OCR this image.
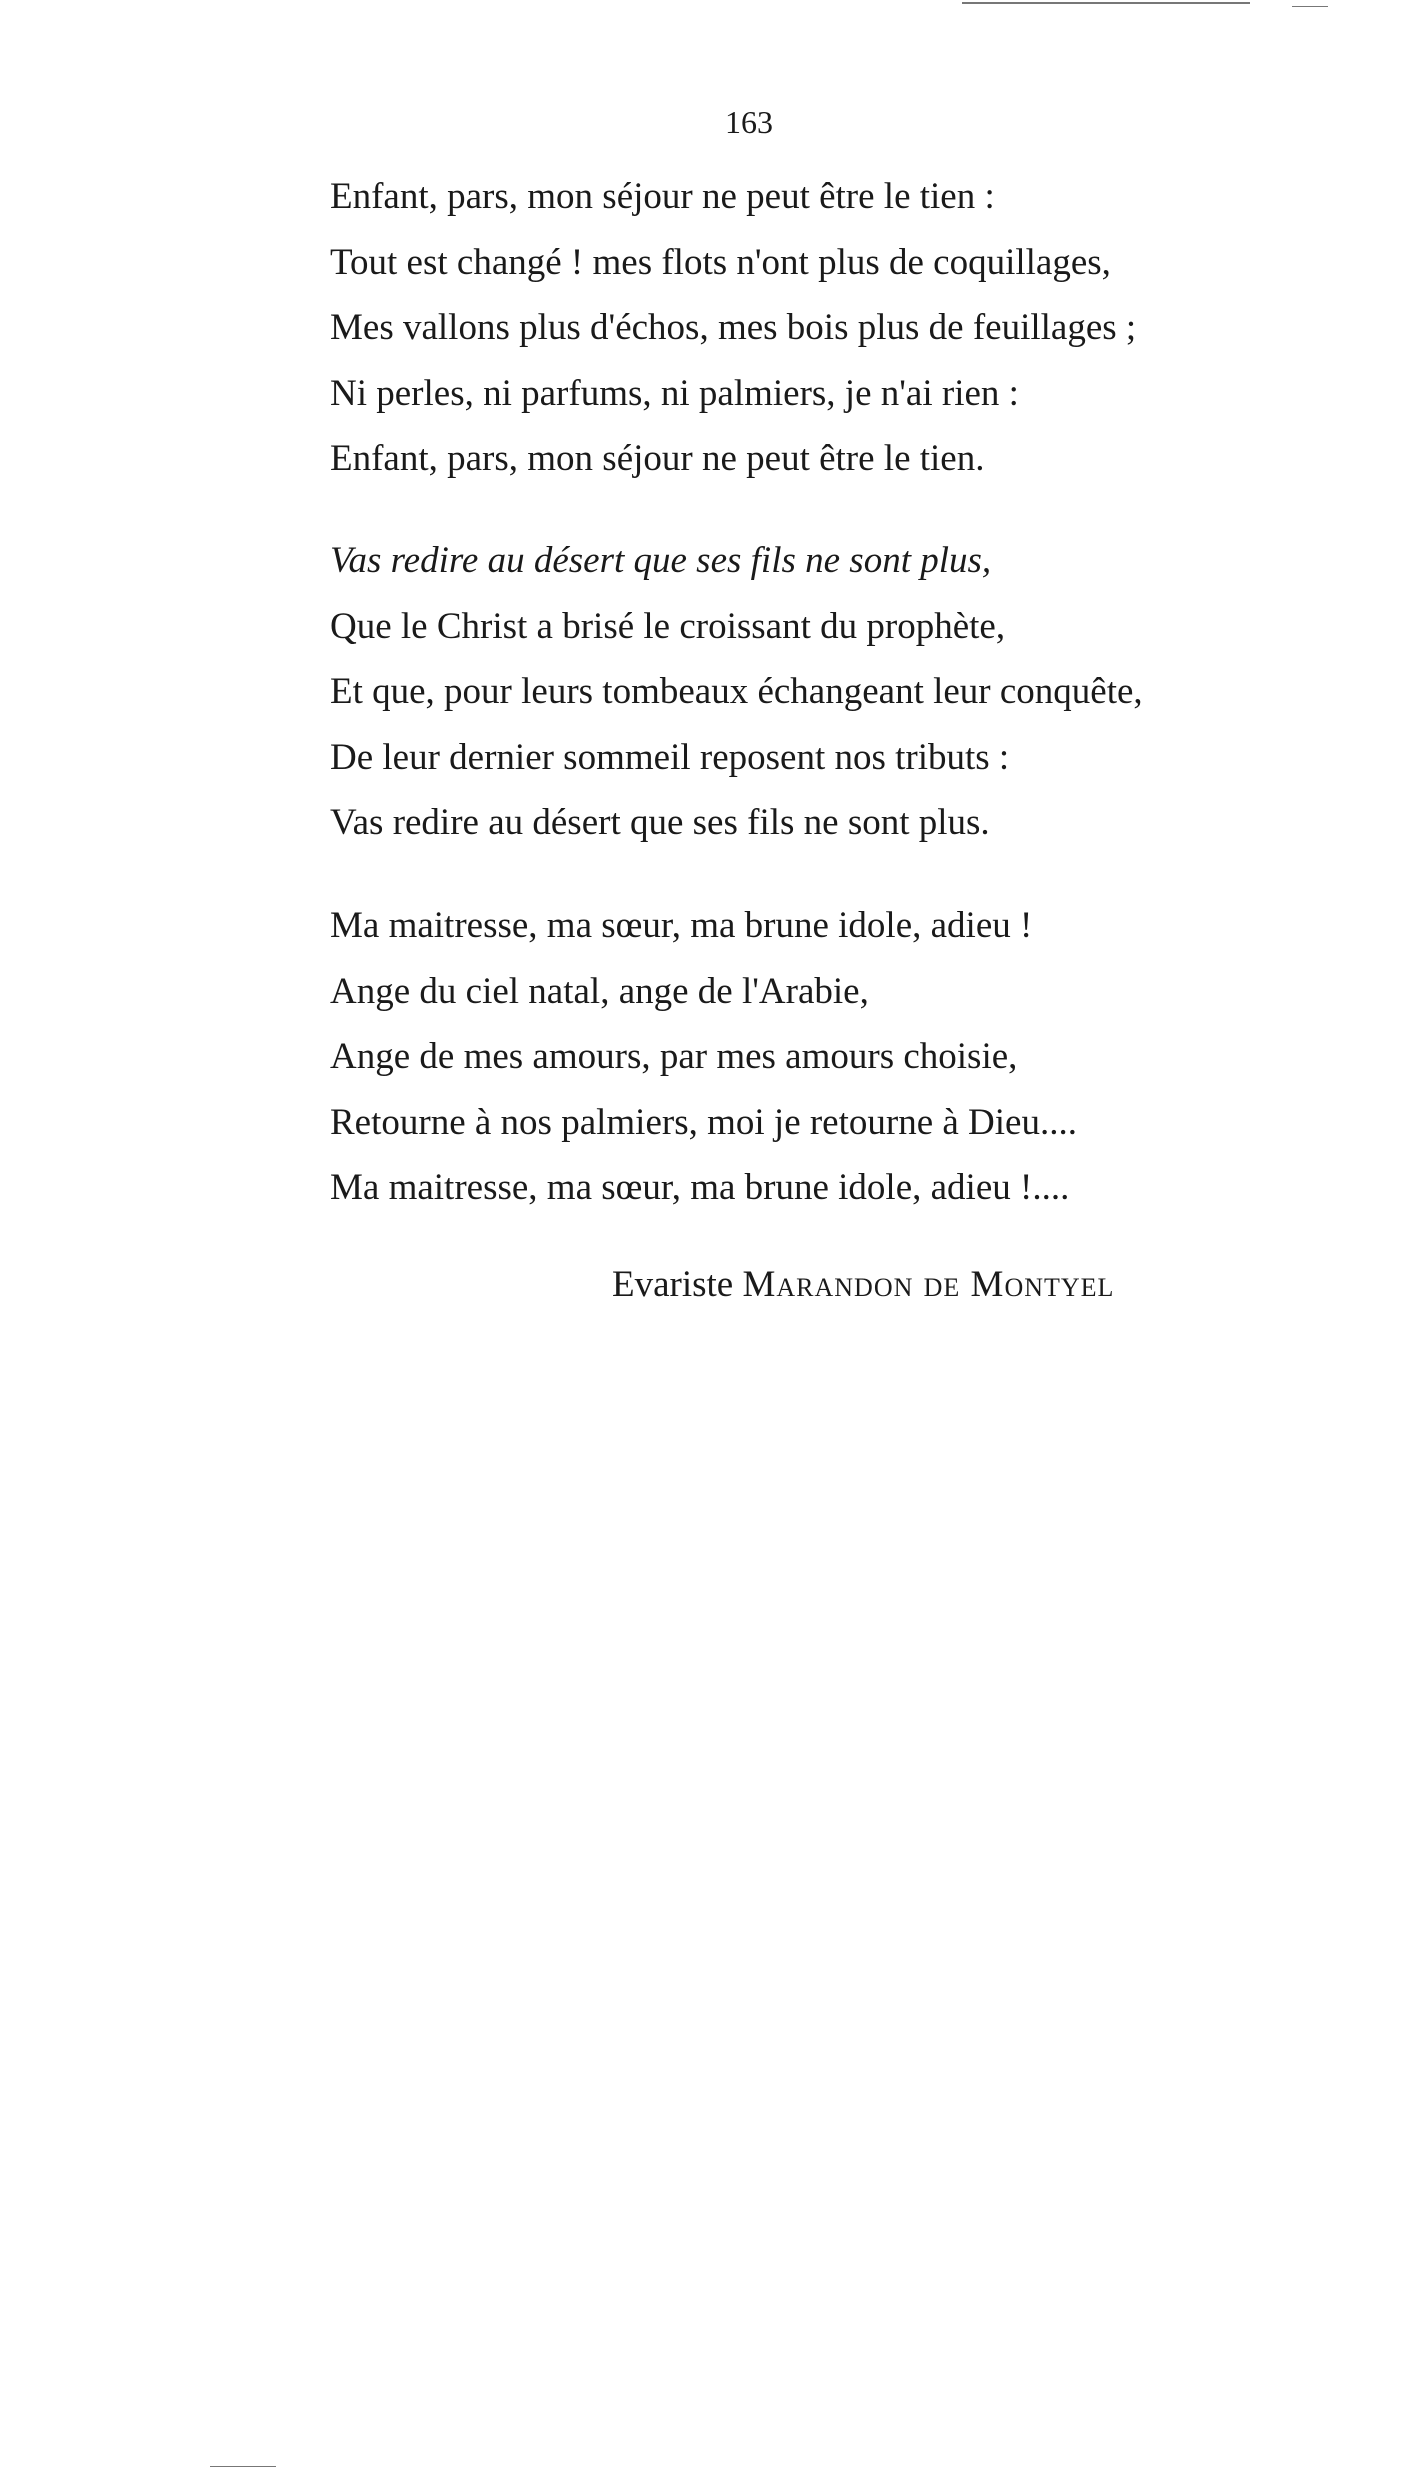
163
Enfant, pars, mon séjour ne peut être le tien :
Tout est changé ! mes flots n'ont plus de coquillages,
Mes vallons plus d'échos, mes bois plus de feuillages ;
Ni perles, ni parfums, ni palmiers, je n'ai rien :
Enfant, pars, mon séjour ne peut être le tien.
Vas redire au désert que ses fils ne sont plus,
Que le Christ a brisé le croissant du prophète,
Et que, pour leurs tombeaux échangeant leur conquête,
De leur dernier sommeil reposent nos tributs :
Vas redire au désert que ses fils ne sont plus.
Ma maitresse, ma sœur, ma brune idole, adieu !
Ange du ciel natal, ange de l'Arabie,
Ange de mes amours, par mes amours choisie,
Retourne à nos palmiers, moi je retourne à Dieu....
Ma maitresse, ma sœur, ma brune idole, adieu !....
Evariste Marandon de Montyel
